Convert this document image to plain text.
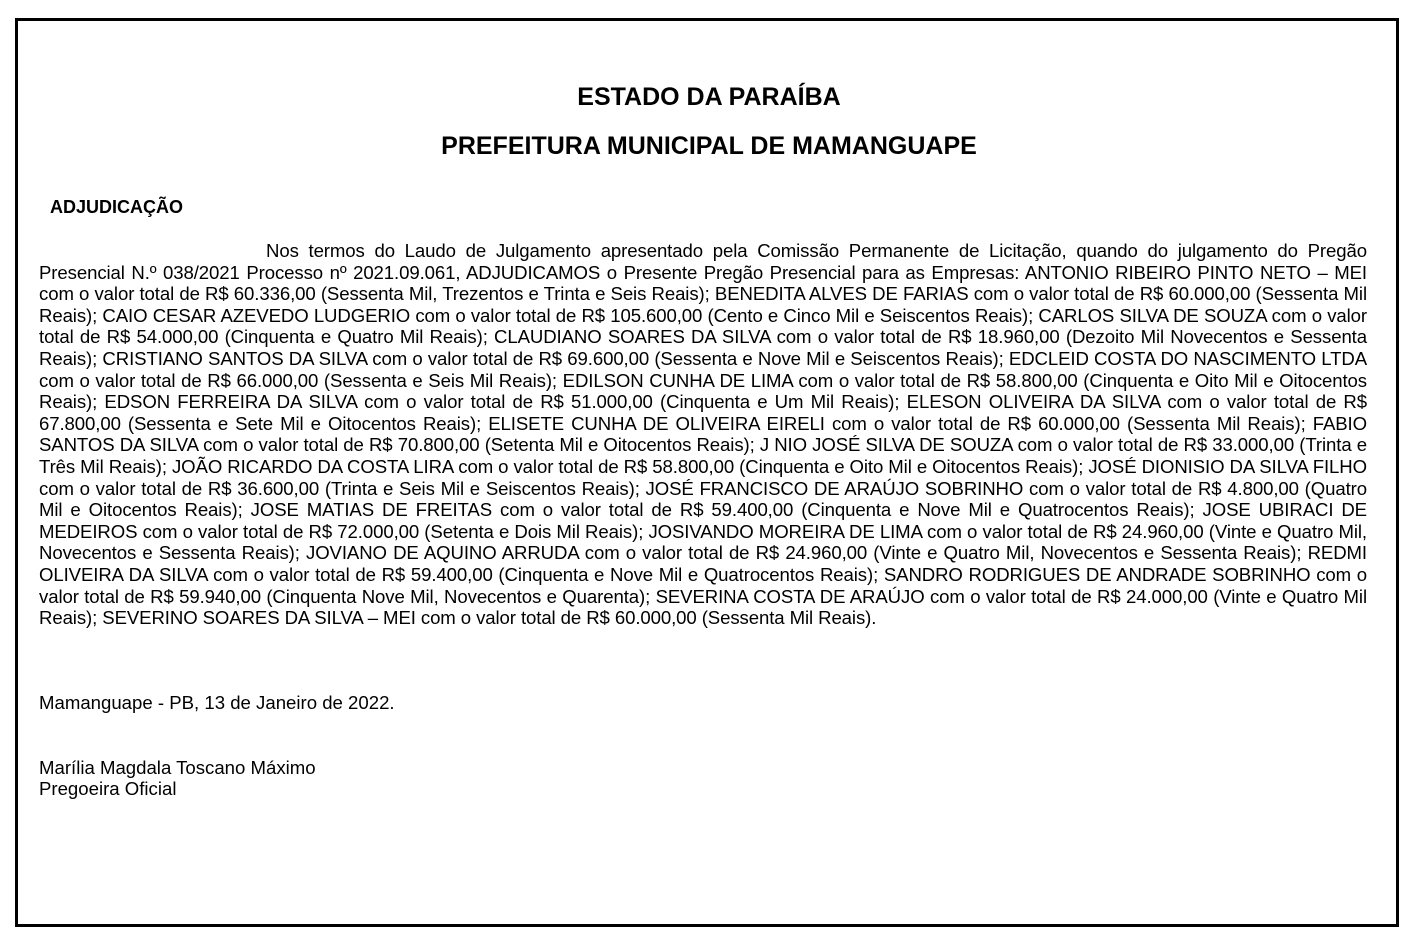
ESTADO DA PARAÍBA
PREFEITURA MUNICIPAL DE MAMANGUAPE
ADJUDICAÇÃO

Nos termos do Laudo de Julgamento apresentado pela Comissão Permanente de Licitação, quando do julgamento do Pregão Presencial N.º 038/2021 Processo nº 2021.09.061, ADJUDICAMOS o Presente Pregão Presencial para as Empresas: ANTONIO RIBEIRO PINTO NETO – MEI com o valor total de R$ 60.336,00 (Sessenta Mil, Trezentos e Trinta e Seis Reais); BENEDITA ALVES DE FARIAS com o valor total de R$ 60.000,00 (Sessenta Mil Reais); CAIO CESAR AZEVEDO LUDGERIO com o valor total de R$ 105.600,00 (Cento e Cinco Mil e Seiscentos Reais); CARLOS SILVA DE SOUZA com o valor total de R$ 54.000,00 (Cinquenta e Quatro Mil Reais); CLAUDIANO SOARES DA SILVA com o valor total de R$ 18.960,00 (Dezoito Mil Novecentos e Sessenta Reais); CRISTIANO SANTOS DA SILVA com o valor total de R$ 69.600,00 (Sessenta e Nove Mil e Seiscentos Reais); EDCLEID COSTA DO NASCIMENTO LTDA com o valor total de R$ 66.000,00 (Sessenta e Seis Mil Reais); EDILSON CUNHA DE LIMA com o valor total de R$ 58.800,00 (Cinquenta e Oito Mil e Oitocentos Reais); EDSON FERREIRA DA SILVA com o valor total de R$ 51.000,00 (Cinquenta e Um Mil Reais); ELESON OLIVEIRA DA SILVA com o valor total de R$ 67.800,00 (Sessenta e Sete Mil e Oitocentos Reais); ELISETE CUNHA DE OLIVEIRA EIRELI com o valor total de R$ 60.000,00 (Sessenta Mil Reais); FABIO SANTOS DA SILVA com o valor total de R$ 70.800,00 (Setenta Mil e Oitocentos Reais); J NIO JOSÉ SILVA DE SOUZA com o valor total de R$ 33.000,00 (Trinta e Três Mil Reais); JOÃO RICARDO DA COSTA LIRA com o valor total de R$ 58.800,00 (Cinquenta e Oito Mil e Oitocentos Reais); JOSÉ DIONISIO DA SILVA FILHO com o valor total de R$ 36.600,00 (Trinta e Seis Mil e Seiscentos Reais); JOSÉ FRANCISCO DE ARAÚJO SOBRINHO com o valor total de R$ 4.800,00 (Quatro Mil e Oitocentos Reais); JOSE MATIAS DE FREITAS com o valor total de R$ 59.400,00 (Cinquenta e Nove Mil e Quatrocentos Reais); JOSE UBIRACI DE MEDEIROS com o valor total de R$ 72.000,00 (Setenta e Dois Mil Reais); JOSIVANDO MOREIRA DE LIMA com o valor total de R$ 24.960,00 (Vinte e Quatro Mil, Novecentos e Sessenta Reais); JOVIANO DE AQUINO ARRUDA com o valor total de R$ 24.960,00 (Vinte e Quatro Mil, Novecentos e Sessenta Reais); REDMI OLIVEIRA DA SILVA com o valor total de R$ 59.400,00 (Cinquenta e Nove Mil e Quatrocentos Reais); SANDRO RODRIGUES DE ANDRADE SOBRINHO com o valor total de R$ 59.940,00 (Cinquenta Nove Mil, Novecentos e Quarenta); SEVERINA COSTA DE ARAÚJO com o valor total de R$ 24.000,00 (Vinte e Quatro Mil Reais); SEVERINO SOARES DA SILVA – MEI com o valor total de R$ 60.000,00 (Sessenta Mil Reais).

Mamanguape - PB, 13 de Janeiro de 2022.
Marília Magdala Toscano Máximo
Pregoeira Oficial
